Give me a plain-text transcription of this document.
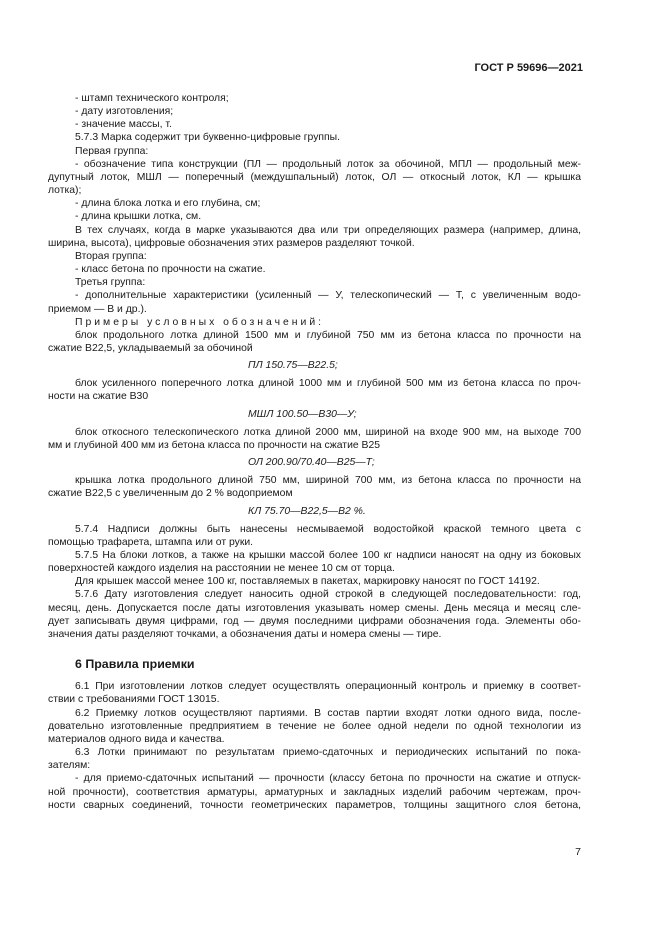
ГОСТ Р 59696—2021

- штамп технического контроля;

- дату изготовления;

- значение массы, т.

5.7.3 Марка содержит три буквенно-цифровые группы.

Первая группа:

- обозначение типа конструкции (ПЛ — продольный лоток за обочиной, МПЛ — продольный меж-

дупутный лоток, МШЛ — поперечный (междушпальный) лоток, ОЛ — откосный лоток, КЛ — крышка

лотка);

- длина блока лотка и его глубина, см;

- длина крышки лотка, см.

В тех случаях, когда в марке указываются два или три определяющих размера (например, длина,

ширина, высота), цифровые обозначения этих размеров разделяют точкой.

Вторая группа:

- класс бетона по прочности на сжатие.

Третья группа:

- дополнительные характеристики (усиленный — У, телескопический — Т, с увеличенным водо-

приемом — В и др.).

Примеры условных обозначений:

блок продольного лотка длиной 1500 мм и глубиной 750 мм из бетона класса по прочности на

сжатие В22,5, укладываемый за обочиной

ПЛ 150.75—В22.5;

блок усиленного поперечного лотка длиной 1000 мм и глубиной 500 мм из бетона класса по проч-

ности на сжатие В30

МШЛ 100.50—В30—У;

блок откосного телескопического лотка длиной 2000 мм, шириной на входе 900 мм, на выходе 700

мм и глубиной 400 мм из бетона класса по прочности на сжатие В25

ОЛ 200.90/70.40—В25—Т;

крышка лотка продольного длиной 750 мм, шириной 700 мм, из бетона класса по прочности на

сжатие В22,5 с увеличенным до 2 % водоприемом

КЛ 75.70—В22,5—В2 %.

5.7.4 Надписи должны быть нанесены несмываемой водостойкой краской темного цвета с

помощью трафарета, штампа или от руки.

5.7.5 На блоки лотков, а также на крышки массой более 100 кг надписи наносят на одну из боковых

поверхностей каждого изделия на расстоянии не менее 10 см от торца.

Для крышек массой менее 100 кг, поставляемых в пакетах, маркировку наносят по ГОСТ 14192.

5.7.6 Дату изготовления следует наносить одной строкой в следующей последовательности: год,

месяц, день. Допускается после даты изготовления указывать номер смены. День месяца и месяц сле-

дует записывать двумя цифрами, год — двумя последними цифрами обозначения года. Элементы обо-

значения даты разделяют точками, а обозначения даты и номера смены — тире.

6 Правила приемки

6.1 При изготовлении лотков следует осуществлять операционный контроль и приемку в соответ-

ствии с требованиями ГОСТ 13015.

6.2 Приемку лотков осуществляют партиями. В состав партии входят лотки одного вида, после-

довательно изготовленные предприятием в течение не более одной недели по одной технологии из

материалов одного вида и качества.

6.3 Лотки принимают по результатам приемо-сдаточных и периодических испытаний по пока-

зателям:

- для приемо-сдаточных испытаний — прочности (классу бетона по прочности на сжатие и отпуск-

ной прочности), соответствия арматуры, арматурных и закладных изделий рабочим чертежам, проч-

ности сварных соединений, точности геометрических параметров, толщины защитного слоя бетона,

7
